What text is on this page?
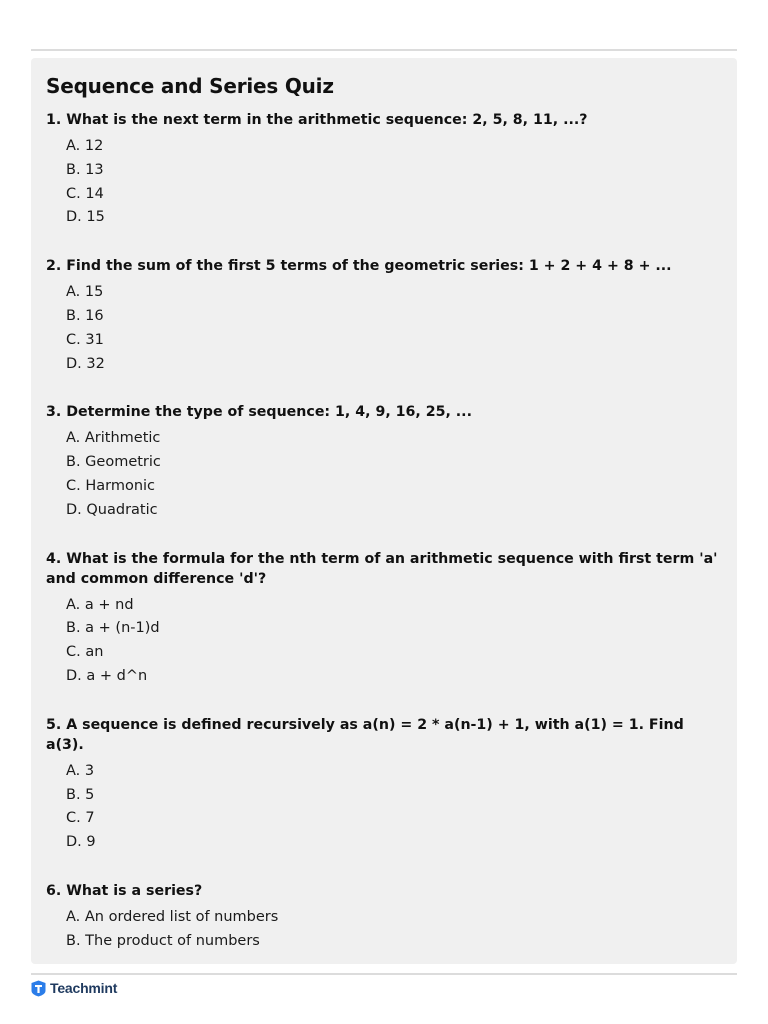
Sequence and Series Quiz
1. What is the next term in the arithmetic sequence: 2, 5, 8, 11, ...?
A. 12
B. 13
C. 14
D. 15
2. Find the sum of the first 5 terms of the geometric series: 1 + 2 + 4 + 8 + ...
A. 15
B. 16
C. 31
D. 32
3. Determine the type of sequence: 1, 4, 9, 16, 25, ...
A. Arithmetic
B. Geometric
C. Harmonic
D. Quadratic
4. What is the formula for the nth term of an arithmetic sequence with first term 'a' and common difference 'd'?
A. a + nd
B. a + (n-1)d
C. an
D. a + d^n
5. A sequence is defined recursively as a(n) = 2 * a(n-1) + 1, with a(1) = 1. Find a(3).
A. 3
B. 5
C. 7
D. 9
6. What is a series?
A. An ordered list of numbers
B. The product of numbers
Teachmint
